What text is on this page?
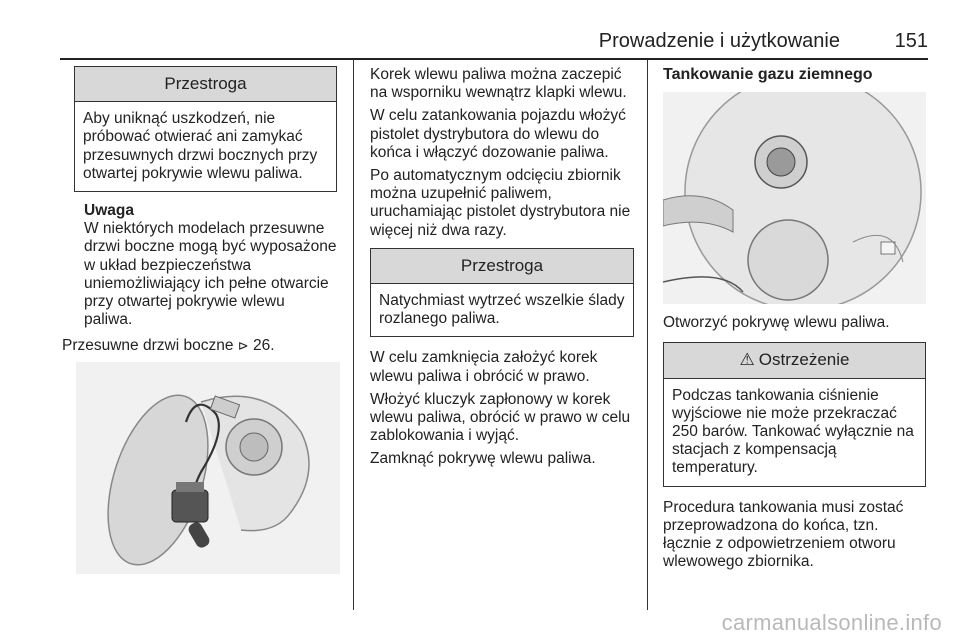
Prowadzenie i użytkowanie	151
Przestroga
Aby uniknąć uszkodzeń, nie próbować otwierać ani zamykać przesuwnych drzwi bocznych przy otwartej pokrywie wlewu paliwa.
Uwaga
W niektórych modelach przesuwne drzwi boczne mogą być wyposażone w układ bezpieczeństwa uniemożliwiający ich pełne otwarcie przy otwartej pokrywie wlewu paliwa.

Przesuwne drzwi boczne ⊳ 26.

Korek wlewu paliwa można zaczepić na wsporniku wewnątrz klapki wlewu.

W celu zatankowania pojazdu włożyć pistolet dystrybutora do wlewu do końca i włączyć dozowanie paliwa.

Po automatycznym odcięciu zbiornik można uzupełnić paliwem, uruchamiając pistolet dystrybutora nie więcej niż dwa razy.

Przestroga
Natychmiast wytrzeć wszelkie ślady rozlanego paliwa.

W celu zamknięcia założyć korek wlewu paliwa i obrócić w prawo.

Włożyć kluczyk zapłonowy w korek wlewu paliwa, obrócić w prawo w celu zablokowania i wyjąć.

Zamknąć pokrywę wlewu paliwa.

Tankowanie gazu ziemnego

Otworzyć pokrywę wlewu paliwa.

⚠ Ostrzeżenie
Podczas tankowania ciśnienie wyjściowe nie może przekraczać 250 barów. Tankować wyłącznie na stacjach z kompensacją temperatury.

Procedura tankowania musi zostać przeprowadzona do końca, tzn. łącznie z odpowietrzeniem otworu wlewowego zbiornika.

carmanualsonline.info
